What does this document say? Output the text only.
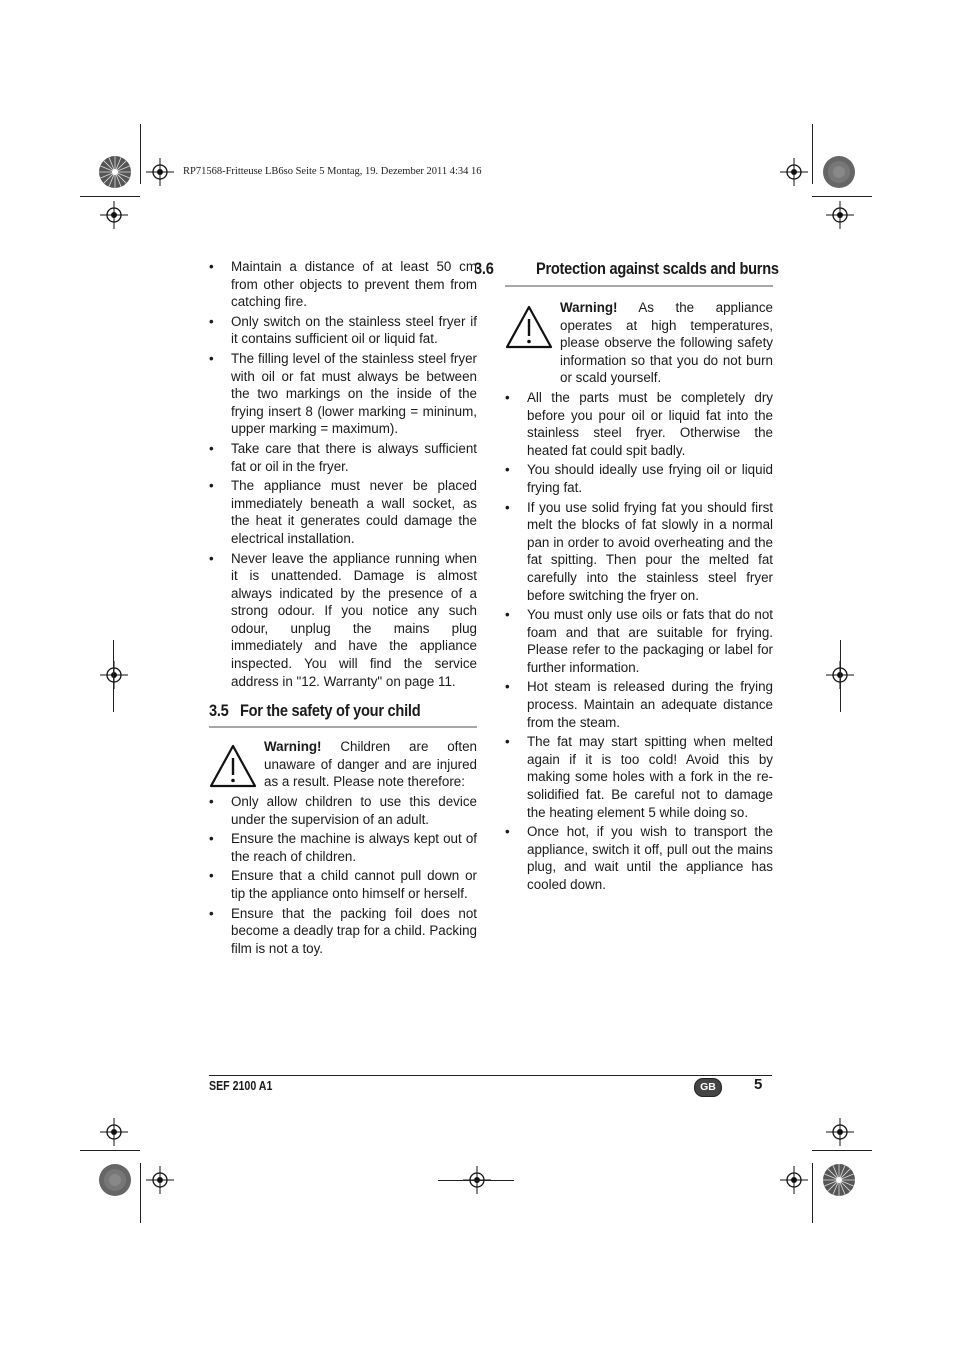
RP71568-Fritteuse LB6so Seite 5 Montag, 19. Dezember 2011 4:34 16
•	Maintain a distance of at least 50 cm from other objects to prevent them from catching fire.
•	Only switch on the stainless steel fryer if it contains sufficient oil or liquid fat.
•	The filling level of the stainless steel fryer with oil or fat must always be between the two markings on the inside of the frying insert 8 (lower marking = mininum, upper marking = maximum).
•	Take care that there is always sufficient fat or oil in the fryer.
•	The appliance must never be placed immediately beneath a wall socket, as the heat it generates could damage the electrical installation.
•	Never leave the appliance running when it is unattended. Damage is almost always indicated by the presence of a strong odour. If you notice any such odour, unplug the mains plug immediately and have the appliance inspected. You will find the service address in "12. Warranty" on page 11.
3.5 For the safety of your child
Warning! Children are often unaware of danger and are injured as a result. Please note therefore:
•	Only allow children to use this device under the supervision of an adult.
•	Ensure the machine is always kept out of the reach of children.
•	Ensure that a child cannot pull down or tip the appliance onto himself or herself.
•	Ensure that the packing foil does not become a deadly trap for a child. Packing film is not a toy.
3.6 Protection against scalds and burns
Warning! As the appliance operates at high temperatures, please observe the following safety information so that you do not burn or scald yourself.
•	All the parts must be completely dry before you pour oil or liquid fat into the stainless steel fryer. Otherwise the heated fat could spit badly.
•	You should ideally use frying oil or liquid frying fat.
•	If you use solid frying fat you should first melt the blocks of fat slowly in a normal pan in order to avoid overheating and the fat spitting. Then pour the melted fat carefully into the stainless steel fryer before switching the fryer on.
•	You must only use oils or fats that do not foam and that are suitable for frying. Please refer to the packaging or label for further information.
•	Hot steam is released during the frying process. Maintain an adequate distance from the steam.
•	The fat may start spitting when melted again if it is too cold! Avoid this by making some holes with a fork in the re-solidified fat. Be careful not to damage the heating element 5 while doing so.
•	Once hot, if you wish to transport the appliance, switch it off, pull out the mains plug, and wait until the appliance has cooled down.
SEF 2100 A1	GB	5
